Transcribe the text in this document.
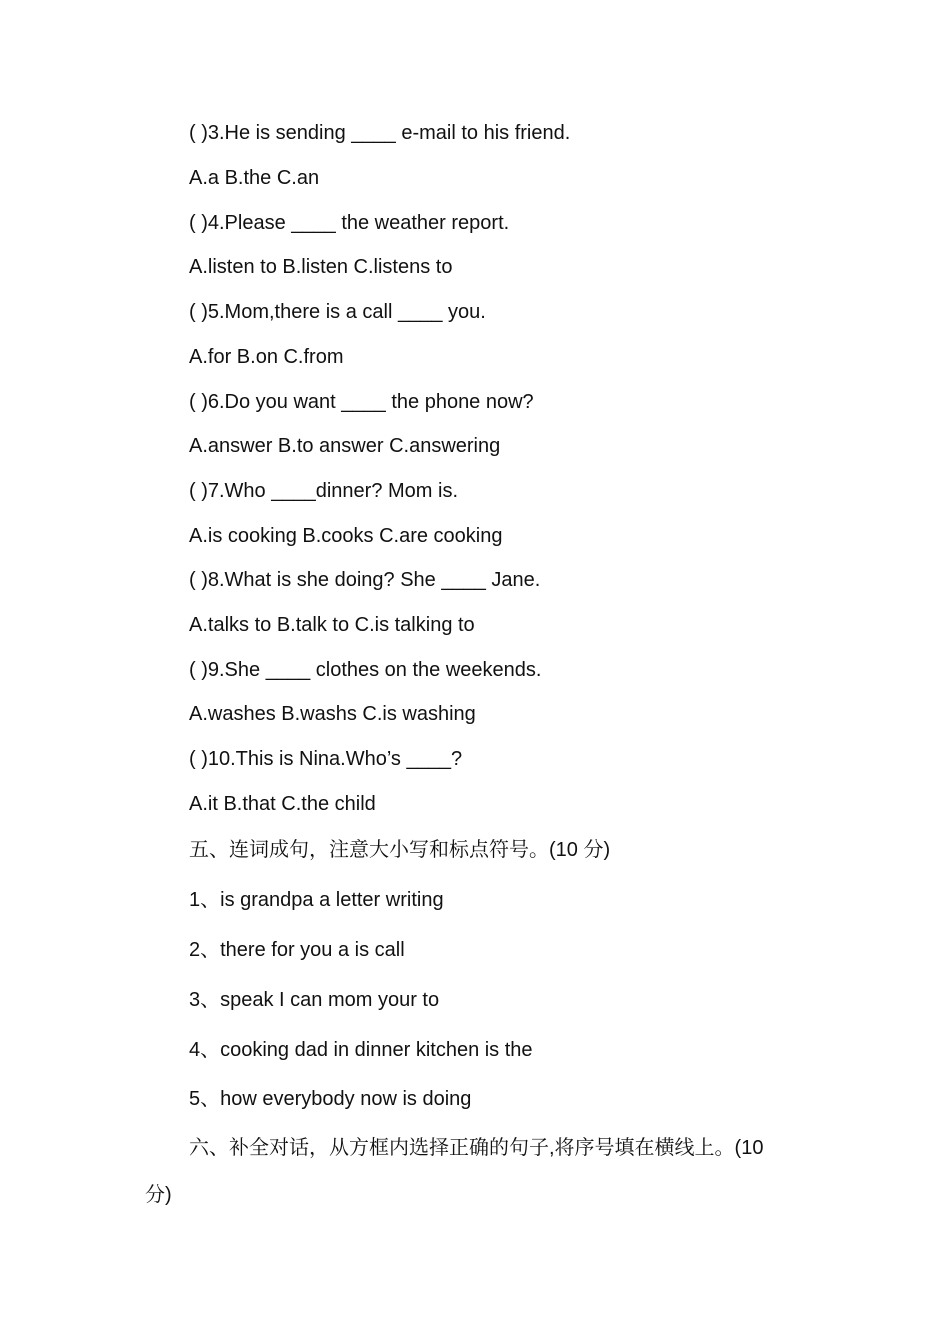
( )3.He is sending ____ e-mail to his friend.
A.a B.the C.an
( )4.Please ____ the weather report.
A.listen to B.listen C.listens to
( )5.Mom,there is a call ____ you.
A.for B.on C.from
( )6.Do you want ____ the phone now?
A.answer B.to answer C.answering
( )7.Who ____dinner? Mom is.
A.is cooking B.cooks C.are cooking
( )8.What is she doing? She ____ Jane.
A.talks to B.talk to C.is talking to
( )9.She ____ clothes on the weekends.
A.washes B.washs C.is washing
( )10.This is Nina.Who’s ____?
A.it B.that C.the child
五、连词成句，注意大小写和标点符号。(10 分)
1、is grandpa a letter writing
2、there for you a is call
3、speak I can mom your to
4、cooking dad in dinner kitchen is the
5、how everybody now is doing
六、补全对话，从方框内选择正确的句子,将序号填在横线上。(10
分)
